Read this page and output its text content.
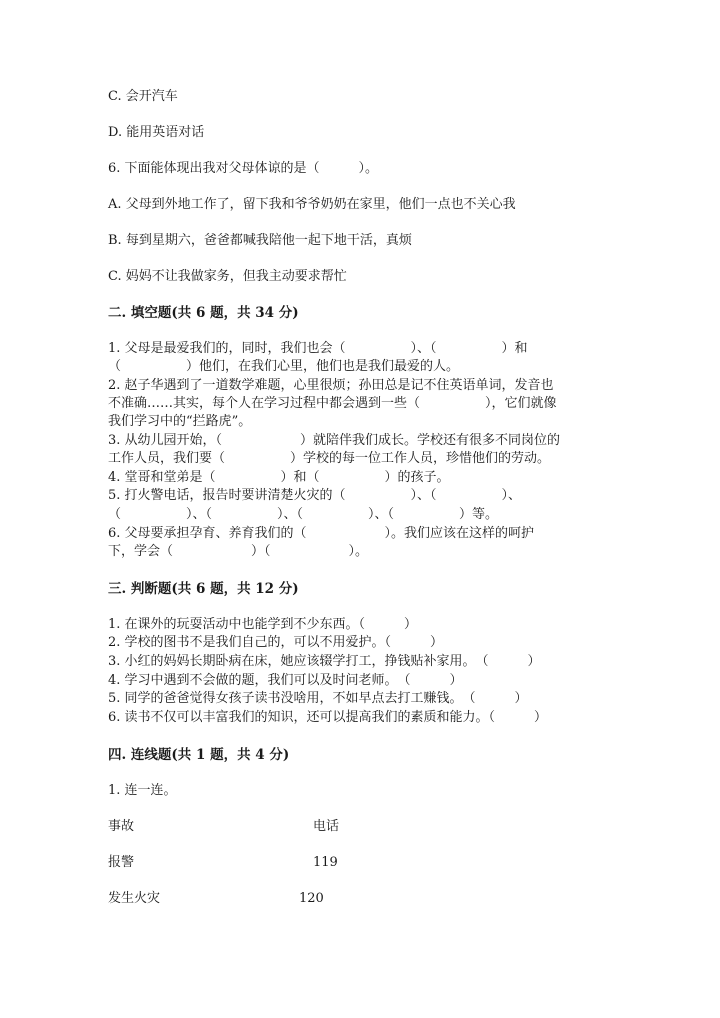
C. 会开汽车
D. 能用英语对话
6. 下面能体现出我对父母体谅的是（　　　）。
A. 父母到外地工作了，留下我和爷爷奶奶在家里，他们一点也不关心我
B. 每到星期六，爸爸都喊我陪他一起下地干活，真烦
C. 妈妈不让我做家务，但我主动要求帮忙
二. 填空题(共 6 题，共 34 分)
1. 父母是最爱我们的，同时，我们也会（　　　　　）、（　　　　　）和
（　　　　　）他们，在我们心里，他们也是我们最爱的人。
2. 赵子华遇到了一道数学难题，心里很烦；孙田总是记不住英语单词，发音也
不准确……其实，每个人在学习过程中都会遇到一些（　　　　　），它们就像
我们学习中的“拦路虎”。
3. 从幼儿园开始，（　　　　　　）就陪伴我们成长。学校还有很多不同岗位的
工作人员，我们要（　　　　　）学校的每一位工作人员，珍惜他们的劳动。
4. 堂哥和堂弟是（　　　　　）和（　　　　　）的孩子。
5. 打火警电话，报告时要讲清楚火灾的（　　　　　）、（　　　　　）、
（　　　　　）、（　　　　　）、（　　　　　）、（　　　　　）等。
6. 父母要承担孕育、养育我们的（　　　　　　）。我们应该在这样的呵护
下，学会（　　　　　　）（　　　　　　）。
三. 判断题(共 6 题，共 12 分)
1. 在课外的玩耍活动中也能学到不少东西。（　　　）
2. 学校的图书不是我们自己的，可以不用爱护。（　　　）
3. 小红的妈妈长期卧病在床，她应该辍学打工，挣钱贴补家用。　（　　　）
4. 学习中遇到不会做的题，我们可以及时问老师。　（　　　）
5. 同学的爸爸觉得女孩子读书没啥用，不如早点去打工赚钱。　（　　　）
6. 读书不仅可以丰富我们的知识，还可以提高我们的素质和能力。（　　　）
四. 连线题(共 1 题，共 4 分)
1. 连一连。
事故	电话
报警	119
发生火灾	120
